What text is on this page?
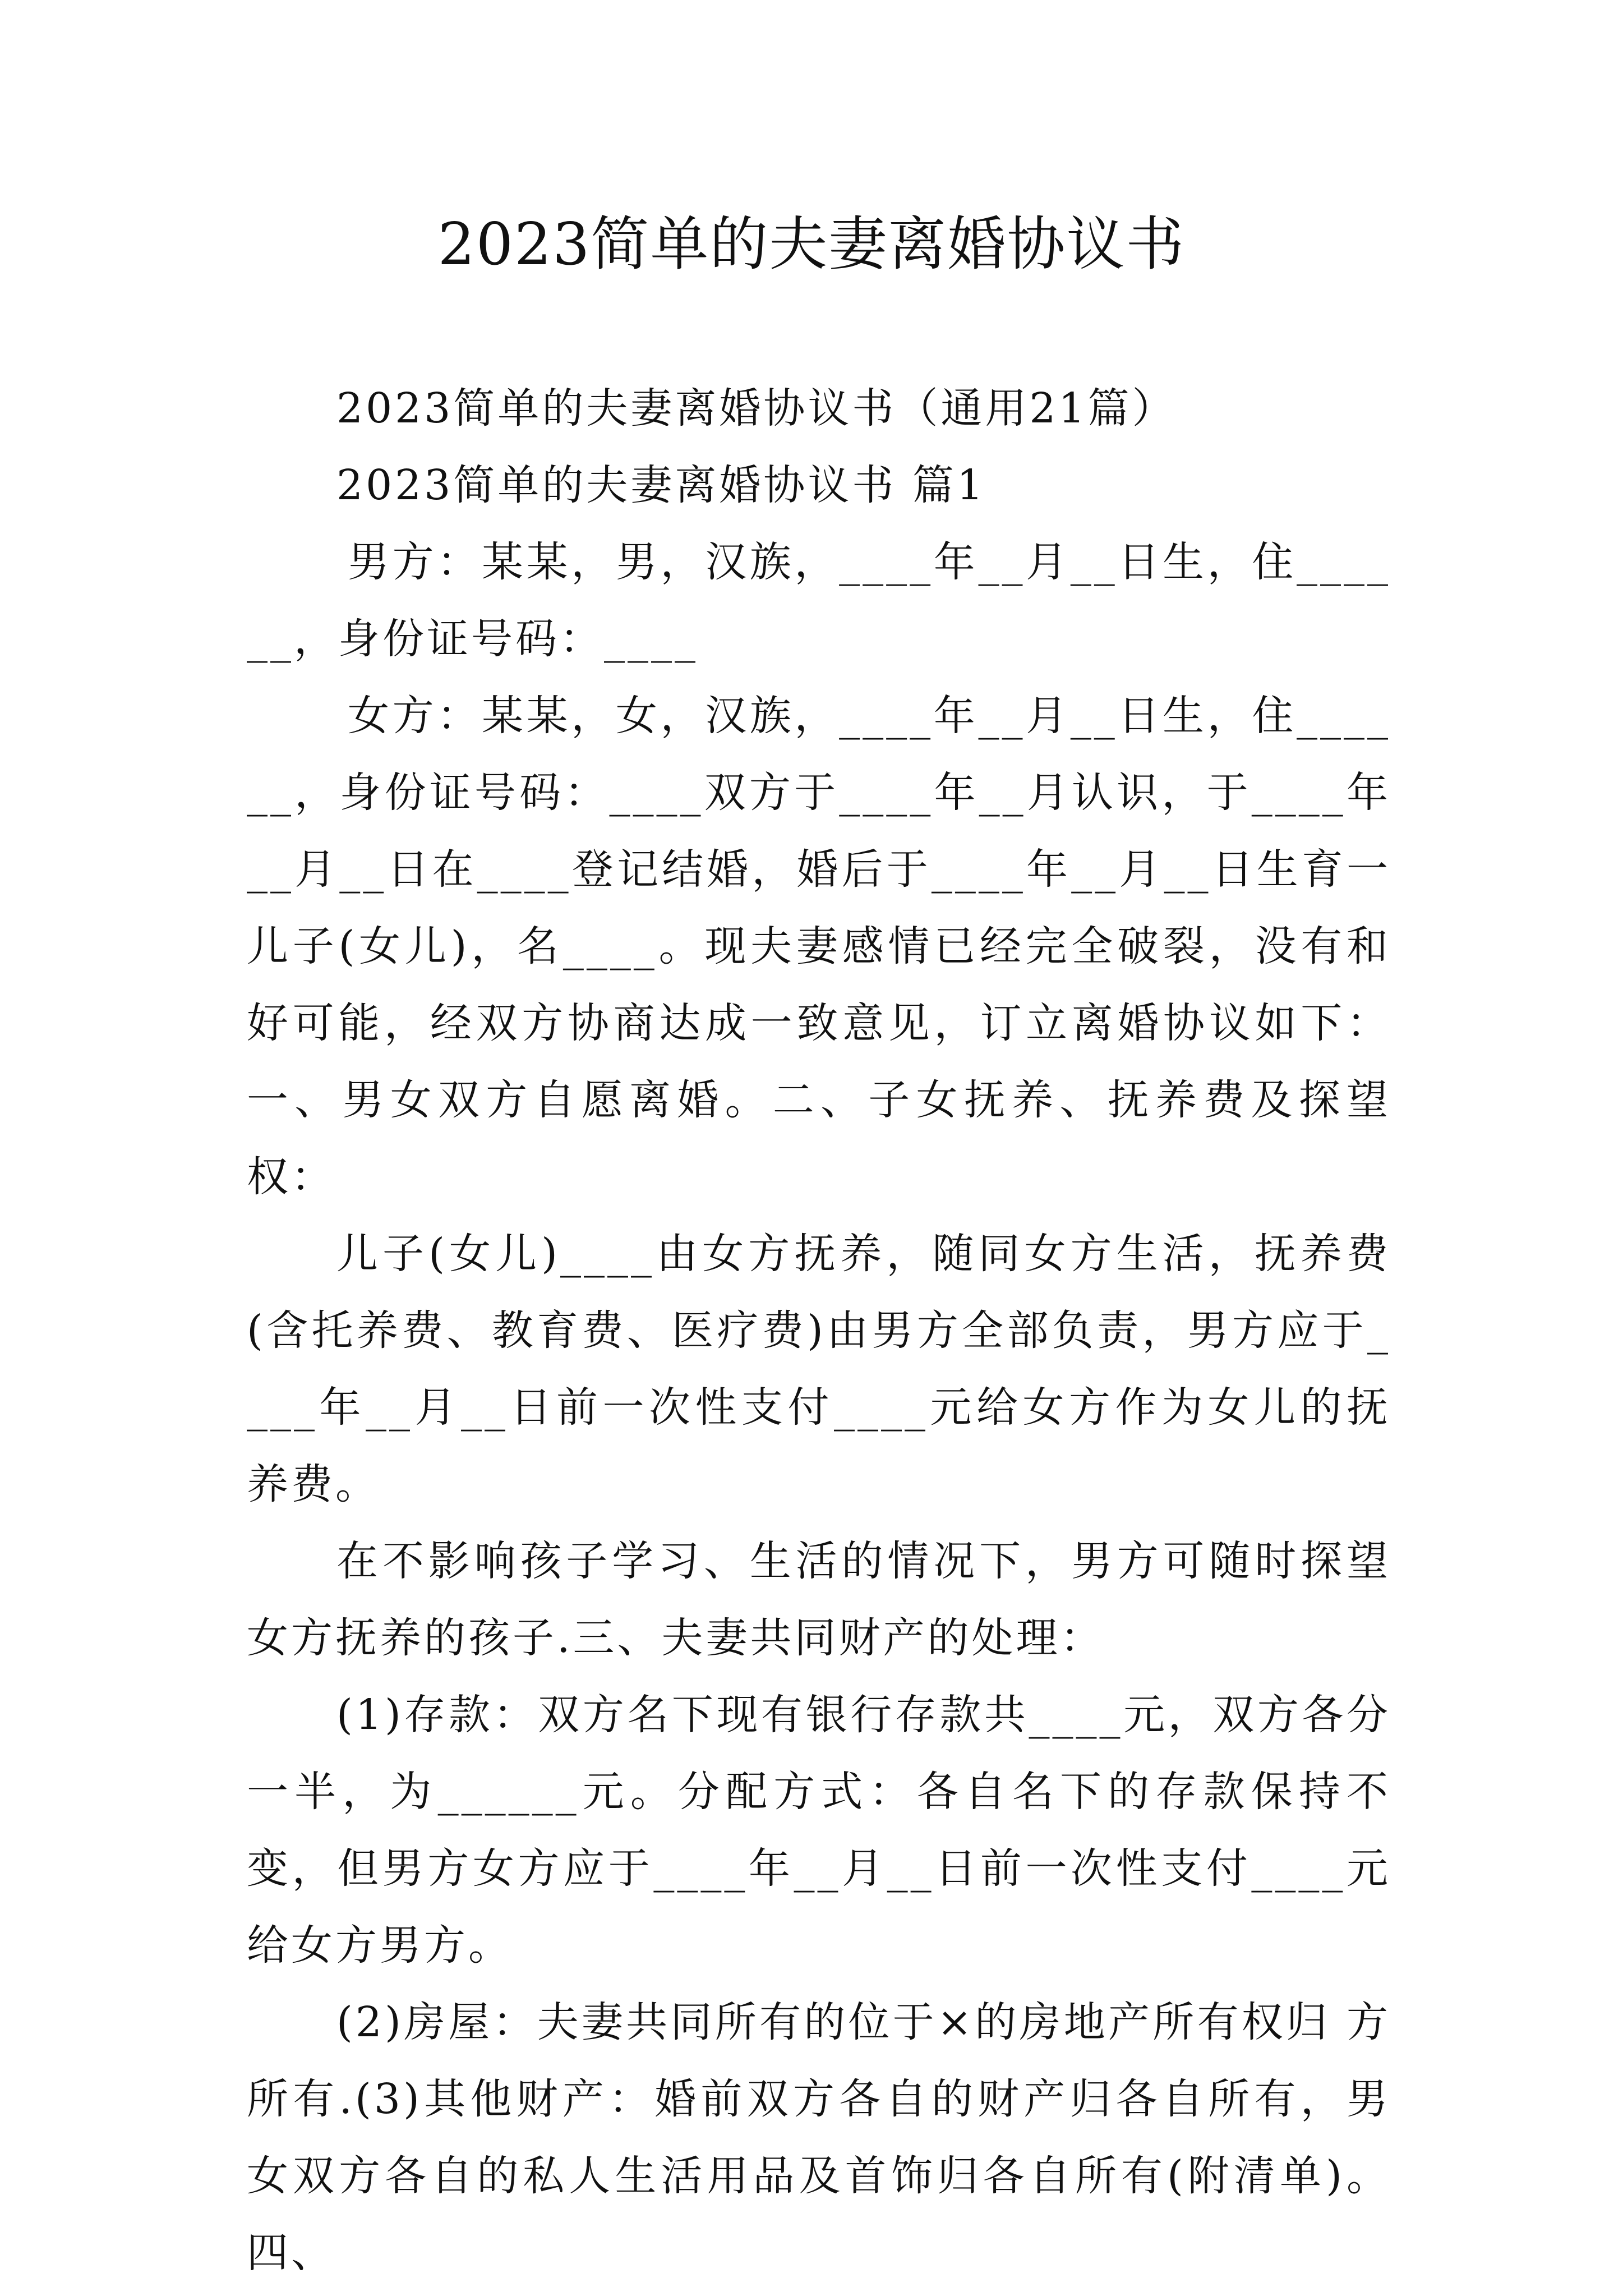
2023简单的夫妻离婚协议书

2023简单的夫妻离婚协议书（通用21篇）

2023简单的夫妻离婚协议书 篇1

男方：某某，男，汉族，____年__月__日生，住______，身份证号码：____

女方：某某，女，汉族，____年__月__日生，住______，身份证号码：____双方于____年__月认识，于____年__月__日在____登记结婚，婚后于____年__月__日生育一儿子(女儿)，名____。现夫妻感情已经完全破裂，没有和好可能，经双方协商达成一致意见，订立离婚协议如下：一、男女双方自愿离婚。二、子女抚养、抚养费及探望权：

儿子(女儿)____由女方抚养，随同女方生活，抚养费(含托养费、教育费、医疗费)由男方全部负责，男方应于____年__月__日前一次性支付____元给女方作为女儿的抚养费。

在不影响孩子学习、生活的情况下，男方可随时探望女方抚养的孩子.三、夫妻共同财产的处理：

(1)存款：双方名下现有银行存款共____元，双方各分一半，为______元。分配方式：各自名下的存款保持不变，但男方女方应于____年__月__日前一次性支付____元给女方男方。

(2)房屋：夫妻共同所有的位于×的房地产所有权归 方所有.(3)其他财产：婚前双方各自的财产归各自所有，男女双方各自的私人生活用品及首饰归各自所有(附清单)。四、
